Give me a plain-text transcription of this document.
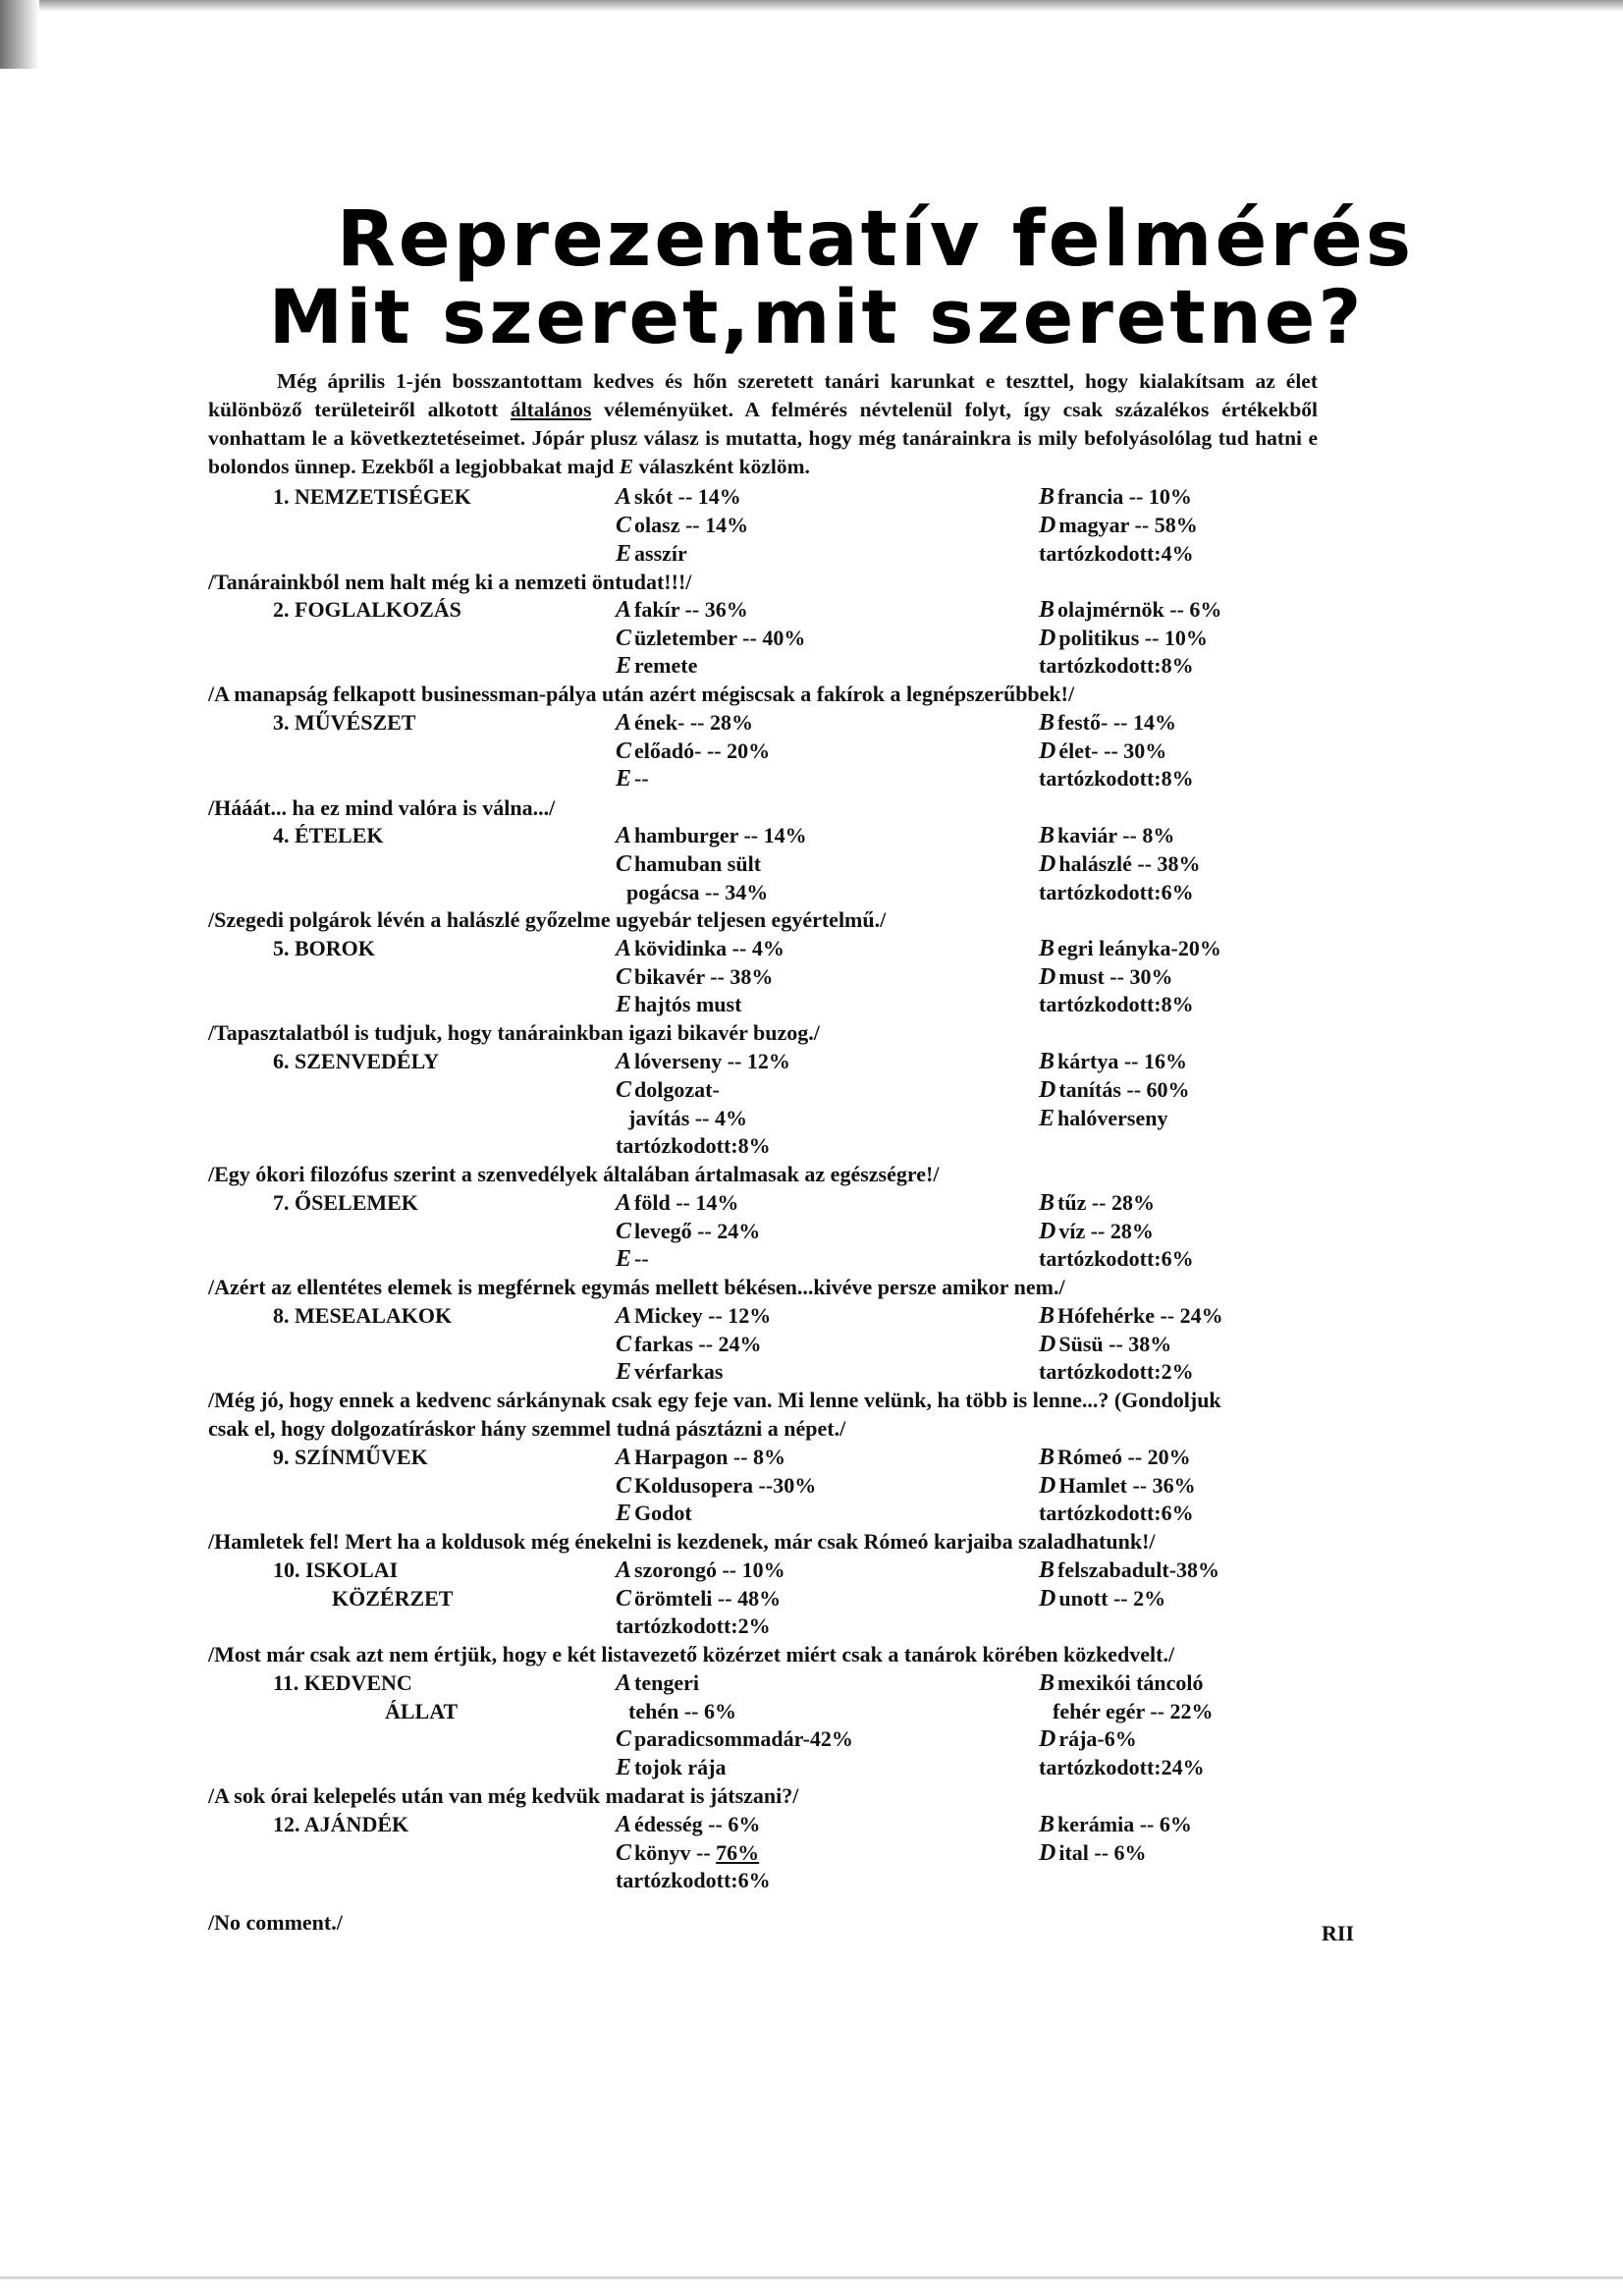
Reprezentatív felmérés
Mit szeret,mit szeretne?

Még április 1-jén bosszantottam kedves és hőn szeretett tanári karunkat e teszttel, hogy kialakítsam az élet különböző területeiről alkotott általános véleményüket. A felmérés névtelenül folyt, így csak százalékos értékekből vonhattam le a következtetéseimet. Jópár plusz válasz is mutatta, hogy még tanárainkra is mily befolyásolólag tud hatni e bolondos ünnep. Ezekből a legjobbakat majd E válaszként közlöm.

1. NEMZETISÉGEK	A skót -- 14%	B francia -- 10%
C olasz -- 14%	D magyar -- 58%
E asszír	tartózkodott:4%
/Tanárainkból nem halt még ki a nemzeti öntudat!!!/
2. FOGLALKOZÁS	A fakír -- 36%	B olajmérnök -- 6%
C üzletember -- 40%	D politikus -- 10%
E remete	tartózkodott:8%
/A manapság felkapott businessman-pálya után azért mégiscsak a fakírok a legnépszerűbbek!/
3. MŰVÉSZET	A ének- -- 28%	B festő- -- 14%
C előadó- -- 20%	D élet- -- 30%
E --	tartózkodott:8%
/Hááát... ha ez mind valóra is válna.../
4. ÉTELEK	A hamburger -- 14%	B kaviár -- 8%
C hamuban sült	D halászlé -- 38%
pogácsa -- 34%	tartózkodott:6%
/Szegedi polgárok lévén a halászlé győzelme ugyebár teljesen egyértelmű./
5. BOROK	A kövidinka -- 4%	B egri leányka-20%
C bikavér -- 38%	D must -- 30%
E hajtós must	tartózkodott:8%
/Tapasztalatból is tudjuk, hogy tanárainkban igazi bikavér buzog./
6. SZENVEDÉLY	A lóverseny -- 12%	B kártya -- 16%
C dolgozat-	D tanítás -- 60%
javítás -- 4%	E halóverseny
tartózkodott:8%
/Egy ókori filozófus szerint a szenvedélyek általában ártalmasak az egészségre!/
7. ŐSELEMEK	A föld -- 14%	B tűz -- 28%
C levegő -- 24%	D víz -- 28%
E --	tartózkodott:6%
/Azért az ellentétes elemek is megférnek egymás mellett békésen...kivéve persze amikor nem./
8. MESEALAKOK	A Mickey -- 12%	B Hófehérke -- 24%
C farkas -- 24%	D Süsü -- 38%
E vérfarkas	tartózkodott:2%
/Még jó, hogy ennek a kedvenc sárkánynak csak egy feje van. Mi lenne velünk, ha több is lenne...? (Gondoljuk
csak el, hogy dolgozatíráskor hány szemmel tudná pásztázni a népet./
9. SZÍNMŰVEK	A Harpagon -- 8%	B Rómeó -- 20%
C Koldusopera --30%	D Hamlet -- 36%
E Godot	tartózkodott:6%
/Hamletek fel! Mert ha a koldusok még énekelni is kezdenek, már csak Rómeó karjaiba szaladhatunk!/
10. ISKOLAI
KÖZÉRZET
A szorongó -- 10%	B felszabadult-38%
C örömteli -- 48%	D unott -- 2%
tartózkodott:2%
/Most már csak azt nem értjük, hogy e két listavezető közérzet miért csak a tanárok körében közkedvelt./
11. KEDVENC
ÁLLAT
A tengeri	B mexikói táncoló
tehén -- 6%	fehér egér -- 22%
C paradicsommadár-42%	D rája-6%
E tojok rája	tartózkodott:24%
/A sok órai kelepelés után van még kedvük madarat is játszani?/
12. AJÁNDÉK	A édesség -- 6%	B kerámia -- 6%
C könyv -- 76%	D ital -- 6%
tartózkodott:6%
/No comment./	RII
